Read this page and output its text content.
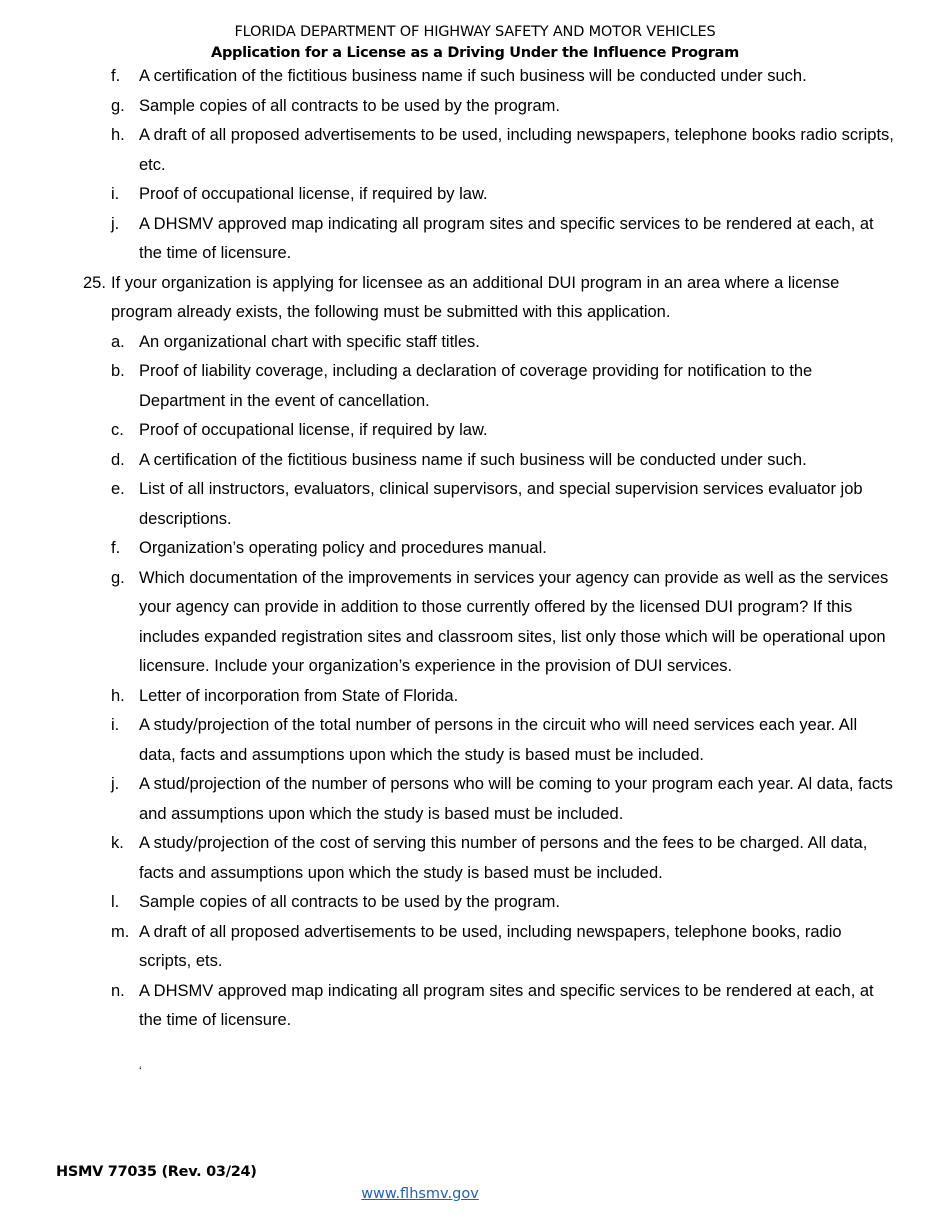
FLORIDA DEPARTMENT OF HIGHWAY SAFETY AND MOTOR VEHICLES
Application for a License as a Driving Under the Influence Program
f. A certification of the fictitious business name if such business will be conducted under such.
g. Sample copies of all contracts to be used by the program.
h. A draft of all proposed advertisements to be used, including newspapers, telephone books radio scripts, etc.
i. Proof of occupational license, if required by law.
j. A DHSMV approved map indicating all program sites and specific services to be rendered at each, at the time of licensure.
25. If your organization is applying for licensee as an additional DUI program in an area where a license program already exists, the following must be submitted with this application.
a. An organizational chart with specific staff titles.
b. Proof of liability coverage, including a declaration of coverage providing for notification to the Department in the event of cancellation.
c. Proof of occupational license, if required by law.
d. A certification of the fictitious business name if such business will be conducted under such.
e. List of all instructors, evaluators, clinical supervisors, and special supervision services evaluator job descriptions.
f. Organization’s operating policy and procedures manual.
g. Which documentation of the improvements in services your agency can provide as well as the services your agency can provide in addition to those currently offered by the licensed DUI program? If this includes expanded registration sites and classroom sites, list only those which will be operational upon licensure. Include your organization’s experience in the provision of DUI services.
h. Letter of incorporation from State of Florida.
i. A study/projection of the total number of persons in the circuit who will need services each year. All data, facts and assumptions upon which the study is based must be included.
j. A stud/projection of the number of persons who will be coming to your program each year. Al data, facts and assumptions upon which the study is based must be included.
k. A study/projection of the cost of serving this number of persons and the fees to be charged. All data, facts and assumptions upon which the study is based must be included.
l. Sample copies of all contracts to be used by the program.
m. A draft of all proposed advertisements to be used, including newspapers, telephone books, radio scripts, ets.
n. A DHSMV approved map indicating all program sites and specific services to be rendered at each, at the time of licensure.
‘
HSMV 77035 (Rev. 03/24)
www.flhsmv.gov
